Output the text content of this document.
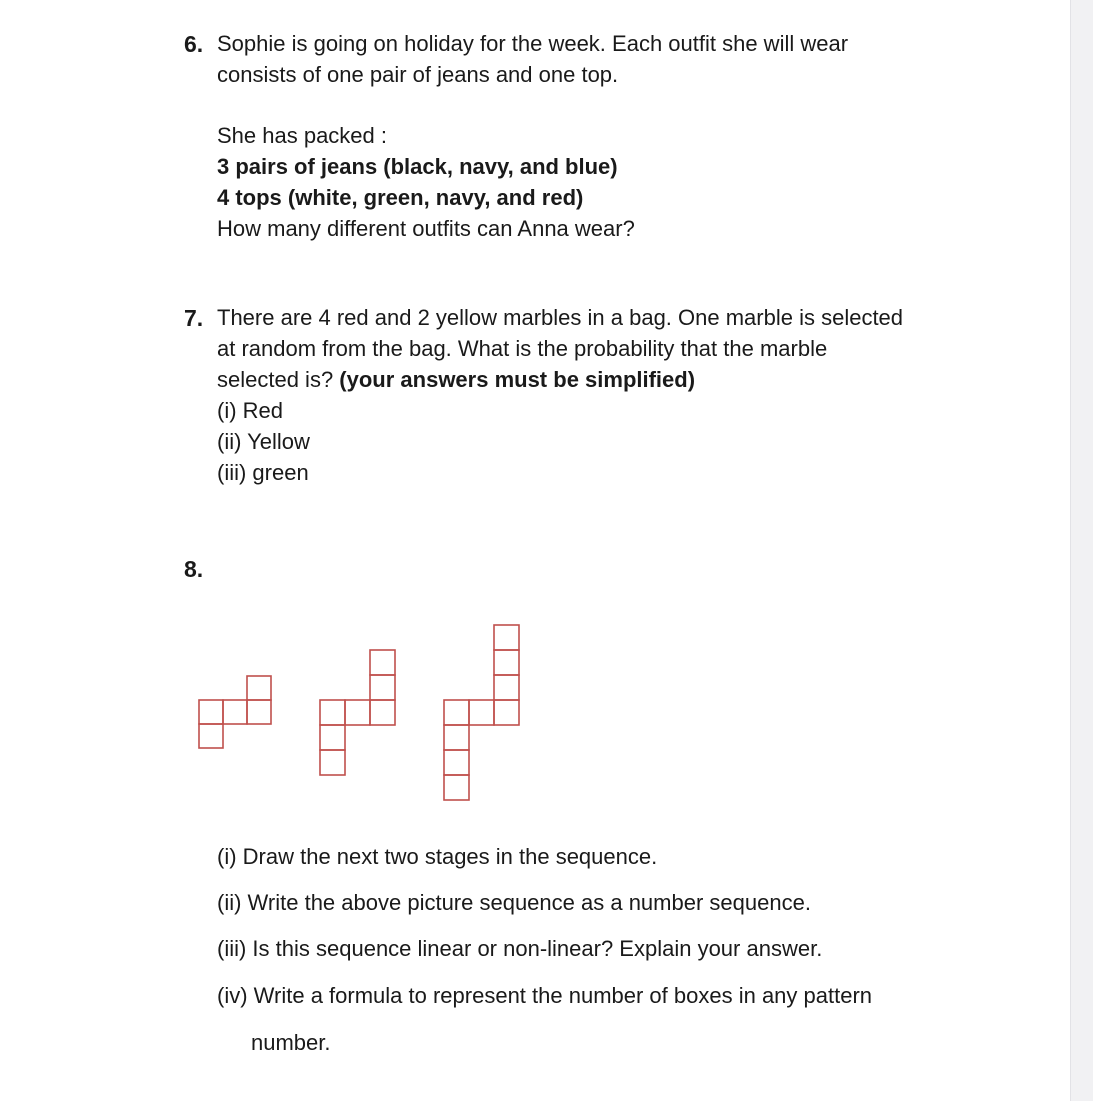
6. Sophie is going on holiday for the week. Each outfit she will wear
consists of one pair of jeans and one top.
She has packed :
3 pairs of jeans (black, navy, and blue)
4 tops (white, green, navy, and red)
How many different outfits can Anna wear?
7. There are 4 red and 2 yellow marbles in a bag. One marble is selected
at random from the bag. What is the probability that the marble
selected is? (your answers must be simplified)
(i) Red
(ii) Yellow
(iii) green
8.
(i) Draw the next two stages in the sequence.
(ii) Write the above picture sequence as a number sequence.
(iii) Is this sequence linear or non-linear? Explain your answer.
(iv) Write a formula to represent the number of boxes in any pattern
number.
